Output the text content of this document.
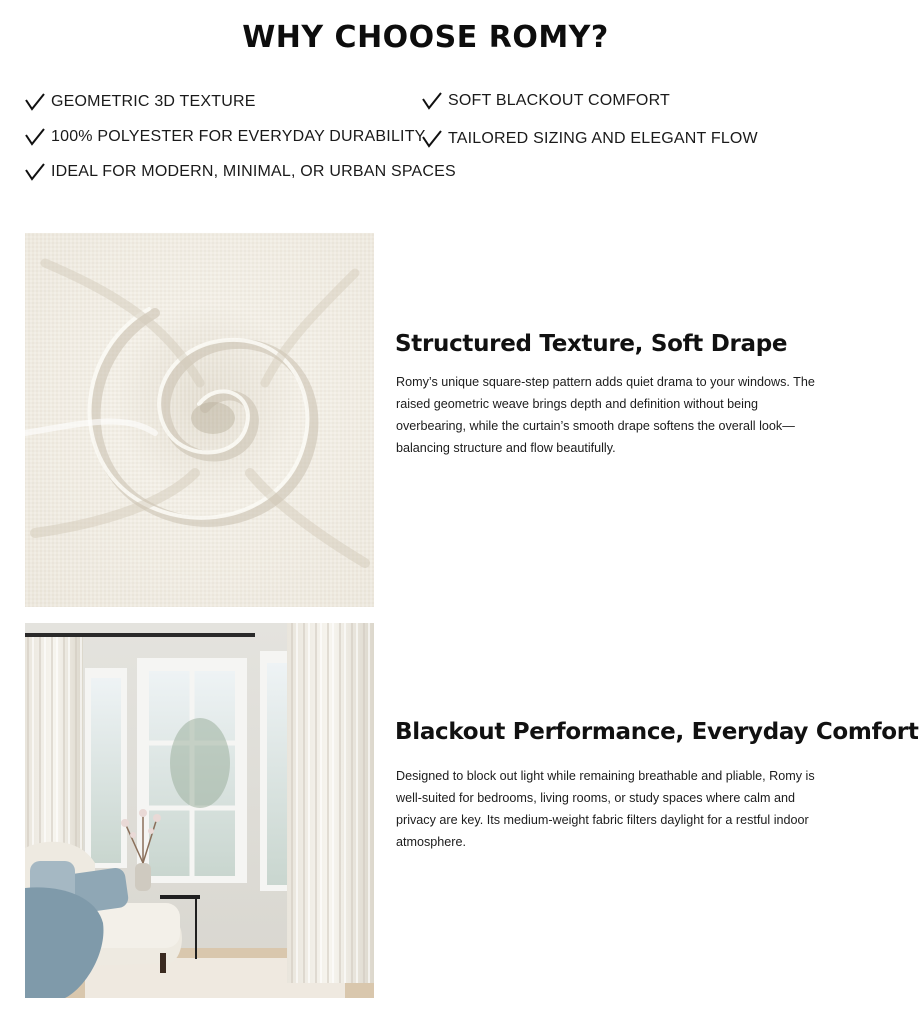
WHY CHOOSE ROMY?
GEOMETRIC 3D TEXTURE	SOFT BLACKOUT COMFORT
100% POLYESTER FOR EVERYDAY DURABILITY TAILORED SIZING AND ELEGANT FLOW
IDEAL FOR MODERN, MINIMAL, OR URBAN SPACES
Structured Texture, Soft Drape

Romy’s unique square-step pattern adds quiet drama to your windows. The raised geometric weave brings depth and definition without being overbearing, while the curtain’s smooth drape softens the overall look—balancing structure and flow beautifully.

Blackout Performance, Everyday Comfort

Designed to block out light while remaining breathable and pliable, Romy is well-suited for bedrooms, living rooms, or study spaces where calm and privacy are key. Its medium-weight fabric filters daylight for a restful indoor atmosphere.
